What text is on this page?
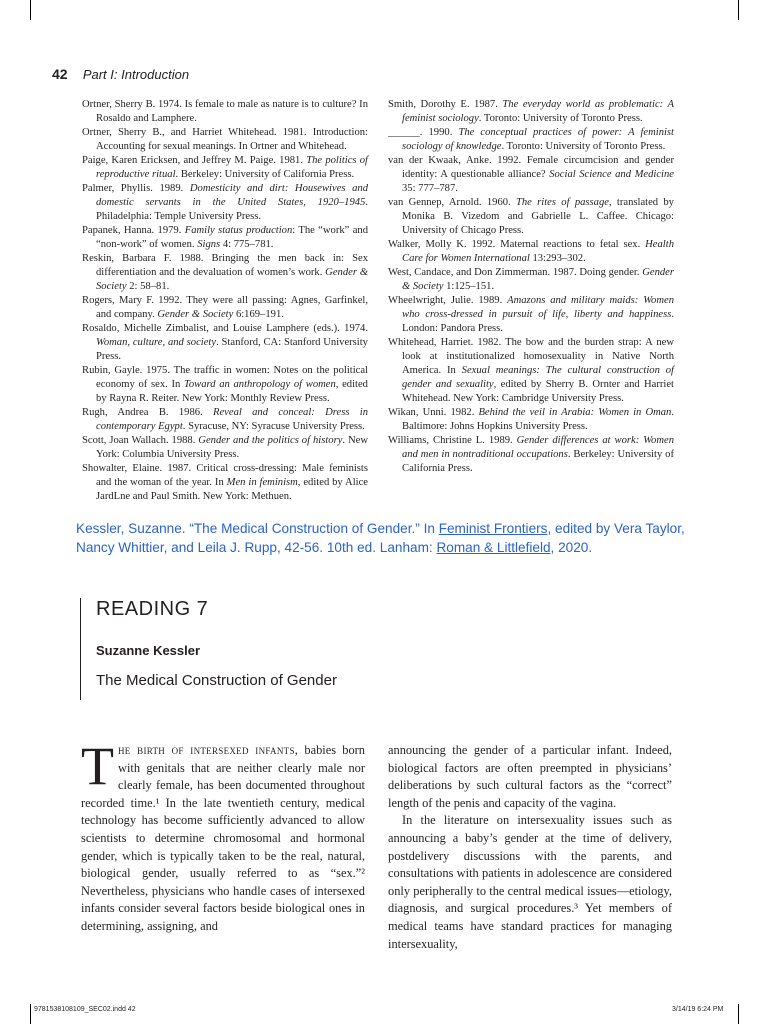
42 Part I: Introduction

Ortner, Sherry B. 1974. Is female to male as nature is to culture? In Rosaldo and Lamphere.

Ortner, Sherry B., and Harriet Whitehead. 1981. Introduction: Accounting for sexual meanings. In Ortner and Whitehead.

Paige, Karen Ericksen, and Jeffrey M. Paige. 1981. The politics of reproductive ritual. Berkeley: University of California Press.

Palmer, Phyllis. 1989. Domesticity and dirt: Housewives and domestic servants in the United States, 1920–1945. Philadelphia: Temple University Press.

Papanek, Hanna. 1979. Family status production: The “work” and “non-work” of women. Signs 4: 775–781.

Reskin, Barbara F. 1988. Bringing the men back in: Sex differentiation and the devaluation of women’s work. Gender & Society 2: 58–81.

Rogers, Mary F. 1992. They were all passing: Agnes, Garfinkel, and company. Gender & Society 6:169–191.

Rosaldo, Michelle Zimbalist, and Louise Lamphere (eds.). 1974. Woman, culture, and society. Stanford, CA: Stanford University Press.

Rubin, Gayle. 1975. The traffic in women: Notes on the political economy of sex. In Toward an anthropology of women, edited by Rayna R. Reiter. New York: Monthly Review Press.

Rugh, Andrea B. 1986. Reveal and conceal: Dress in contemporary Egypt. Syracuse, NY: Syracuse University Press.

Scott, Joan Wallach. 1988. Gender and the politics of history. New York: Columbia University Press.

Showalter, Elaine. 1987. Critical cross-dressing: Male feminists and the woman of the year. In Men in feminism, edited by Alice JardLne and Paul Smith. New York: Methuen.

Smith, Dorothy E. 1987. The everyday world as problematic: A feminist sociology. Toronto: University of Toronto Press.

______. 1990. The conceptual practices of power: A feminist sociology of knowledge. Toronto: University of Toronto Press.

van der Kwaak, Anke. 1992. Female circumcision and gender identity: A questionable alliance? Social Science and Medicine 35: 777–787.

van Gennep, Arnold. 1960. The rites of passage, translated by Monika B. Vizedom and Gabrielle L. Caffee. Chicago: University of Chicago Press.

Walker, Molly K. 1992. Maternal reactions to fetal sex. Health Care for Women International 13:293–302.

West, Candace, and Don Zimmerman. 1987. Doing gender. Gender & Society 1:125–151.

Wheelwright, Julie. 1989. Amazons and military maids: Women who cross-dressed in pursuit of life, liberty and happiness. London: Pandora Press.

Whitehead, Harriet. 1982. The bow and the burden strap: A new look at institutionalized homosexuality in Native North America. In Sexual meanings: The cultural construction of gender and sexuality, edited by Sherry B. Ornter and Harriet Whitehead. New York: Cambridge University Press.

Wikan, Unni. 1982. Behind the veil in Arabia: Women in Oman. Baltimore: Johns Hopkins University Press.

Williams, Christine L. 1989. Gender differences at work: Women and men in nontraditional occupations. Berkeley: University of California Press.

Kessler, Suzanne. “The Medical Construction of Gender.” In Feminist Frontiers, edited by Vera Taylor, Nancy Whittier, and Leila J. Rupp, 42-56. 10th ed. Lanham: Roman & Littlefield, 2020.
READING 7
Suzanne Kessler
The Medical Construction of Gender

The birth of intersexed infants, babies born with genitals that are neither clearly male nor clearly female, has been documented throughout recorded time.¹ In the late twentieth century, medical technology has become sufficiently advanced to allow scientists to determine chromosomal and hormonal gender, which is typically taken to be the real, natural, biological gender, usually referred to as “sex.”² Nevertheless, physicians who handle cases of intersexed infants consider several factors beside biological ones in determining, assigning, and

announcing the gender of a particular infant. Indeed, biological factors are often preempted in physicians’ deliberations by such cultural factors as the “correct” length of the penis and capacity of the vagina.

In the literature on intersexuality issues such as announcing a baby’s gender at the time of delivery, postdelivery discussions with the parents, and consultations with patients in adolescence are considered only peripherally to the central medical issues—etiology, diagnosis, and surgical procedures.³ Yet members of medical teams have standard practices for managing intersexuality,

9781538108109_SEC02.indd 42	3/14/19 6:24 PM
